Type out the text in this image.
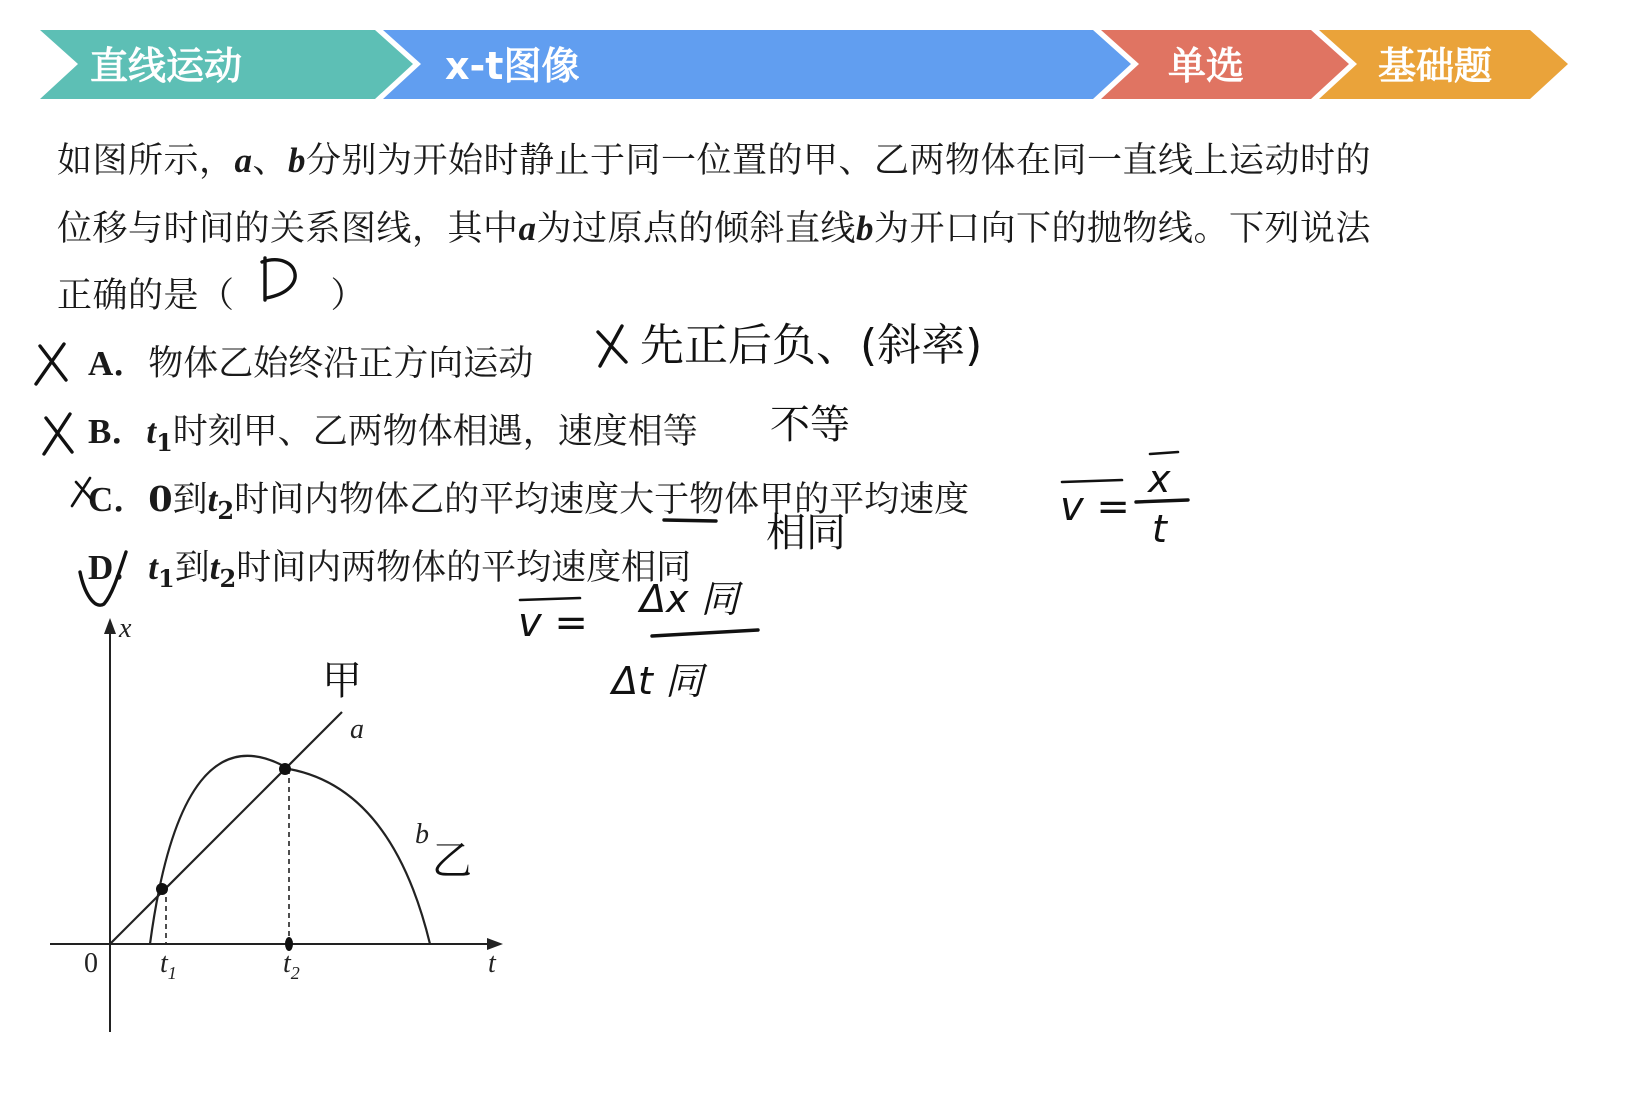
直线运动	x-t图像	单选	基础题
如图所示，a、b分别为开始时静止于同一位置的甲、乙两物体在同一直线上运动时的
位移与时间的关系图线，其中a为过原点的倾斜直线b为开口向下的抛物线。下列说法
正确的是（	）
A．物体乙始终沿正方向运动
B．$t_1$时刻甲、乙两物体相遇，速度相等
C．0到$t_2$时间内物体乙的平均速度大于物体甲的平均速度
D．$t_1$到$t_2$时间内两物体的平均速度相同
x
t
0 $t_1$	$t_2$
a
b
先正后负、(斜率)
不等
相同
v =
x
t
v =
Δx 同
Δt 同
甲
乙
